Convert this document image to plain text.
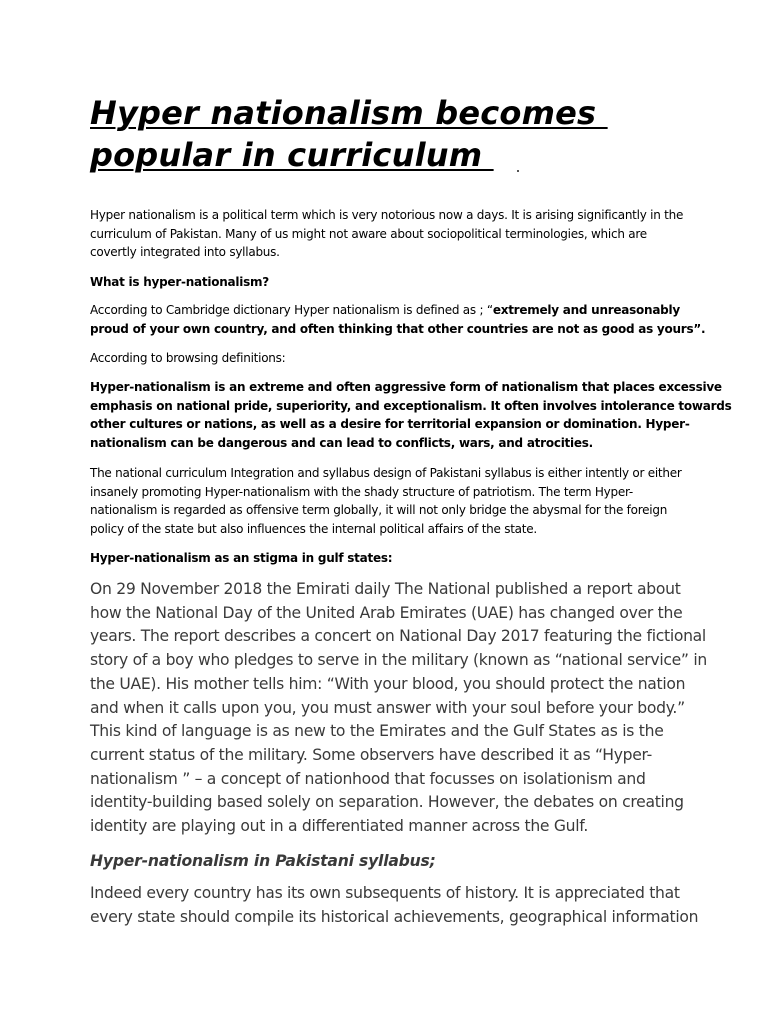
Hyper nationalism becomes
popular in curriculum

Hyper nationalism is a political term which is very notorious now a days. It is arising significantly in the
curriculum of Pakistan. Many of us might not aware about sociopolitical terminologies, which are
covertly integrated into syllabus.

What is hyper-nationalism?

According to Cambridge dictionary Hyper nationalism is defined as ; “extremely and unreasonably
proud of your own country, and often thinking that other countries are not as good as yours”.

According to browsing definitions:

Hyper-nationalism is an extreme and often aggressive form of nationalism that places excessive
emphasis on national pride, superiority, and exceptionalism. It often involves intolerance towards
other cultures or nations, as well as a desire for territorial expansion or domination. Hyper-
nationalism can be dangerous and can lead to conflicts, wars, and atrocities.

The national curriculum Integration and syllabus design of Pakistani syllabus is either intently or either
insanely promoting Hyper-nationalism with the shady structure of patriotism. The term Hyper-
nationalism is regarded as offensive term globally, it will not only bridge the abysmal for the foreign
policy of the state but also influences the internal political affairs of the state.

Hyper-nationalism as an stigma in gulf states:

On 29 November 2018 the Emirati daily The National published a report about
how the National Day of the United Arab Emirates (UAE) has changed over the
years. The report describes a concert on National Day 2017 featuring the fictional
story of a boy who pledges to serve in the military (known as “national service” in
the UAE). His mother tells him: “With your blood, you should protect the nation
and when it calls upon you, you must answer with your soul before your body.”
This kind of language is as new to the Emirates and the Gulf States as is the
current status of the military. Some observers have described it as “Hyper-
nationalism ” – a concept of nationhood that focusses on isolationism and
identity-building based solely on separation. However, the debates on creating
identity are playing out in a differentiated manner across the Gulf.

Hyper-nationalism in Pakistani syllabus;

Indeed every country has its own subsequents of history. It is appreciated that
every state should compile its historical achievements, geographical information
